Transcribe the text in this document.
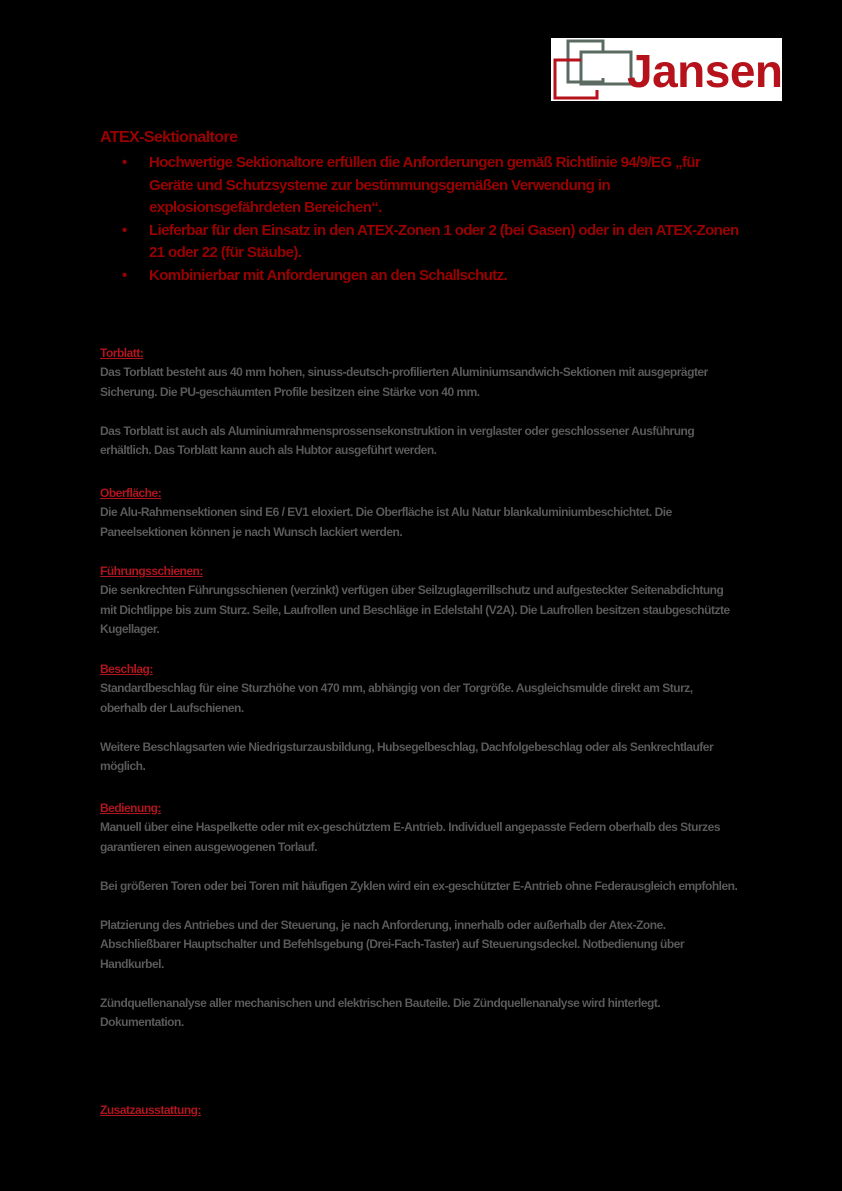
Jansen
ATEX-Sektionaltore
• Hochwertige Sektionaltore erfüllen die Anforderungen gemäß Richtlinie 94/9/EG „für Geräte und Schutzsysteme zur bestimmungsgemäßen Verwendung in explosionsgefährdeten Bereichen“.
• Lieferbar für den Einsatz in den ATEX-Zonen 1 oder 2 (bei Gasen) oder in den ATEX-Zonen 21 oder 22 (für Stäube).
• Kombinierbar mit Anforderungen an den Schallschutz.
Torblatt:

Das Torblatt besteht aus 40 mm hohen, sinuss-deutsch-profilierten Aluminiumsandwich-Sektionen mit ausgeprägter Sicherung. Die PU-geschäumten Profile besitzen eine Stärke von 40 mm.

Das Torblatt ist auch als Aluminiumrahmensprossensekonstruktion in verglaster oder geschlossener Ausführung erhältlich. Das Torblatt kann auch als Hubtor ausgeführt werden.

Oberfläche:

Die Alu-Rahmensektionen sind E6 / EV1 eloxiert. Die Oberfläche ist Alu Natur blankaluminiumbeschichtet. Die Paneelsektionen können je nach Wunsch lackiert werden.

Führungsschienen:

Die senkrechten Führungsschienen (verzinkt) verfügen über Seilzuglagerrillschutz und aufgesteckter Seitenabdichtung mit Dichtlippe bis zum Sturz. Seile, Laufrollen und Beschläge in Edelstahl (V2A). Die Laufrollen besitzen staubgeschützte Kugellager.

Beschlag:

Standardbeschlag für eine Sturzhöhe von 470 mm, abhängig von der Torgröße. Ausgleichsmulde direkt am Sturz, oberhalb der Laufschienen.

Weitere Beschlagsarten wie Niedrigsturzausbildung, Hubsegelbeschlag, Dachfolgebeschlag oder als Senkrechtlaufer möglich.

Bedienung:

Manuell über eine Haspelkette oder mit ex-geschütztem E-Antrieb. Individuell angepasste Federn oberhalb des Sturzes garantieren einen ausgewogenen Torlauf.

Bei größeren Toren oder bei Toren mit häufigen Zyklen wird ein ex-geschützter E-Antrieb ohne Federausgleich empfohlen.

Platzierung des Antriebes und der Steuerung, je nach Anforderung, innerhalb oder außerhalb der Atex-Zone. Abschließbarer Hauptschalter und Befehlsgebung (Drei-Fach-Taster) auf Steuerungsdeckel. Notbedienung über Handkurbel.

Zündquellenanalyse aller mechanischen und elektrischen Bauteile. Die Zündquellenanalyse wird hinterlegt. Dokumentation.

Zusatzausstattung:
